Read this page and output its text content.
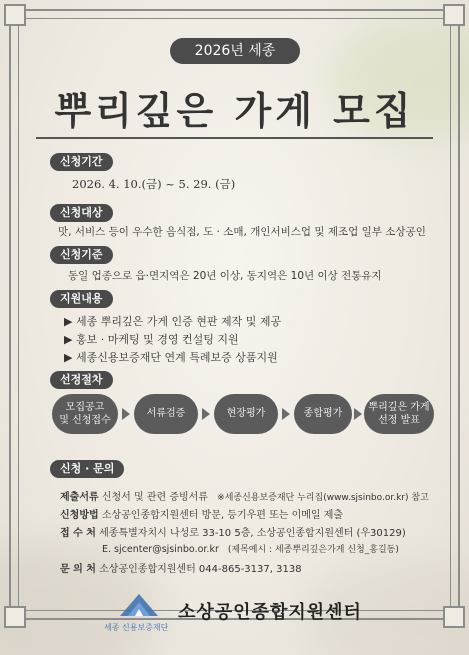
2026년 세종
뿌리깊은 가게 모집
신청기간
2026. 4. 10.(금) ~ 5. 29. (금)
신청대상
맛, 서비스 등이 우수한 음식점, 도 · 소매, 개인서비스업 및 제조업 일부 소상공인
신청기준
동일 업종으로 읍·면지역은 20년 이상, 동지역은 10년 이상 전통유지
지원내용
▶ 세종 뿌리깊은 가게 인증 현판 제작 및 제공
▶ 홍보 · 마케팅 및 경영 컨설팅 지원
▶ 세종신용보증재단 연계 특례보증 상품지원
선정절차
모집공고
및 신청접수
서류검증	현장평가	종합평가
뿌리깊은 가게
선정 발표
신청 · 문의
제출서류 신청서 및 관련 증빙서류 ※세종신용보증재단 누리집(www.sjsinbo.or.kr) 참고
신청방법 소상공인종합지원센터 방문, 등기우편 또는 이메일 제출
접 수 처 세종특별자치시 나성로 33-10 5층, 소상공인종합지원센터 (우30129)
E. sjcenter@sjsinbo.or.kr (제목예시 : 세종뿌리깊은가게 신청_홍길동)
문 의 처 소상공인종합지원센터 044-865-3137, 3138
세종 신용보증재단
소상공인종합지원센터
